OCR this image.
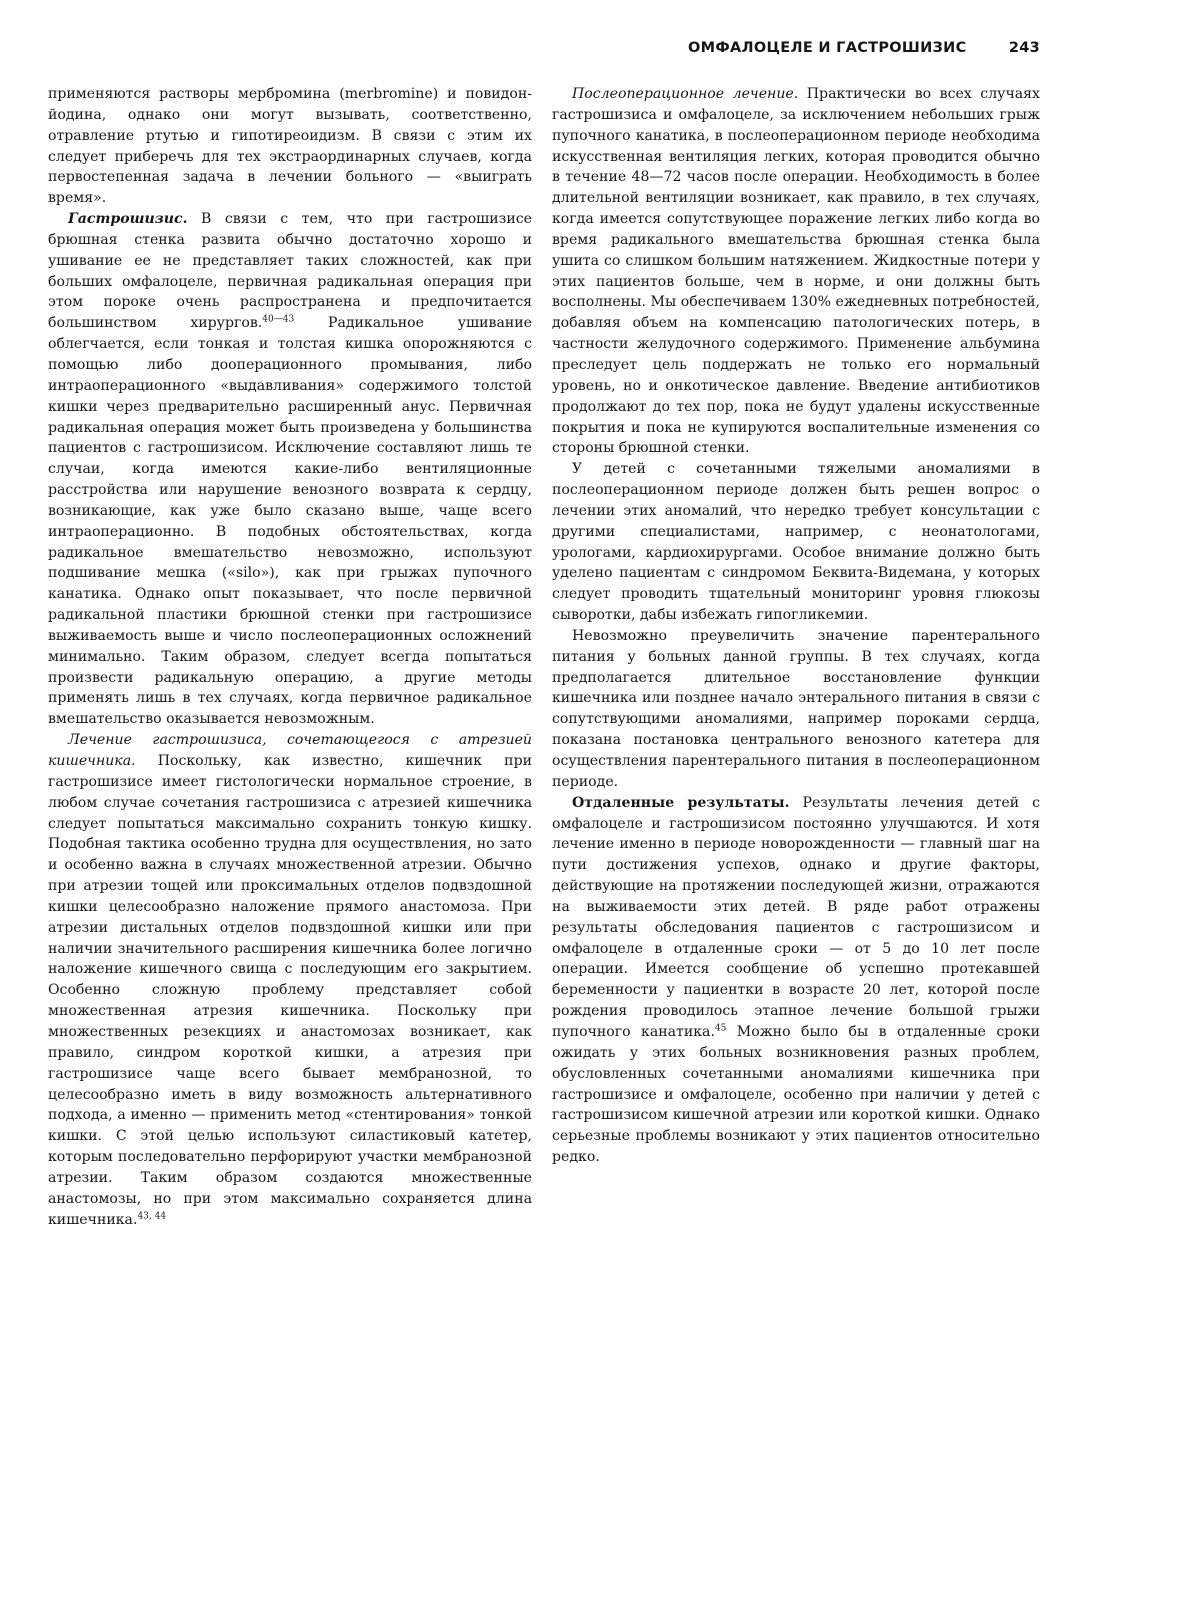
ОМФАЛОЦЕЛЕ И ГАСТРОШИЗИС	243

применяются растворы мербромина (merbromine) и повидон-йодина, однако они могут вызывать, соответственно, отравление ртутью и гипотиреоидизм. В связи с этим их следует приберечь для тех экстраординарных случаев, когда первостепенная задача в лечении больного — «выиграть время».

Гастрошизис. В связи с тем, что при гастрошизисе брюшная стенка развита обычно достаточно хорошо и ушивание ее не представляет таких сложностей, как при больших омфалоцеле, первичная радикальная операция при этом пороке очень распространена и предпочитается большинством хирургов.$^{40—43}$ Радикальное ушивание облегчается, если тонкая и толстая кишка опорожняются с помощью либо дооперационного промывания, либо интраоперационного «выдавливания» содержимого толстой кишки через предварительно расширенный анус. Первичная радикальная операция может быть произведена у большинства пациентов с гастрошизисом. Исключение составляют лишь те случаи, когда имеются какие-либо вентиляционные расстройства или нарушение венозного возврата к сердцу, возникающие, как уже было сказано выше, чаще всего интраоперационно. В подобных обстоятельствах, когда радикальное вмешательство невозможно, используют подшивание мешка («silo»), как при грыжах пупочного канатика. Однако опыт показывает, что после первичной радикальной пластики брюшной стенки при гастрошизисе выживаемость выше и число послеоперационных осложнений минимально. Таким образом, следует всегда попытаться произвести радикальную операцию, а другие методы применять лишь в тех случаях, когда первичное радикальное вмешательство оказывается невозможным.

Лечение гастрошизиса, сочетающегося с атрезией кишечника. Поскольку, как известно, кишечник при гастрошизисе имеет гистологически нормальное строение, в любом случае сочетания гастрошизиса с атрезией кишечника следует попытаться максимально сохранить тонкую кишку. Подобная тактика особенно трудна для осуществления, но зато и особенно важна в случаях множественной атрезии. Обычно при атрезии тощей или проксимальных отделов подвздошной кишки целесообразно наложение прямого анастомоза. При атрезии дистальных отделов подвздошной кишки или при наличии значительного расширения кишечника более логично наложение кишечного свища с последующим его закрытием. Особенно сложную проблему представляет собой множественная атрезия кишечника. Поскольку при множественных резекциях и анастомозах возникает, как правило, синдром короткой кишки, а атрезия при гастрошизисе чаще всего бывает мембранозной, то целесообразно иметь в виду возможность альтернативного подхода, а именно — применить метод «стентирования» тонкой кишки. С этой целью используют силастиковый катетер, которым последовательно перфорируют участки мембранозной атрезии. Таким образом создаются множественные анастомозы, но при этом максимально сохраняется длина кишечника.$^{43, 44}$

Послеоперационное лечение. Практически во всех случаях гастрошизиса и омфалоцеле, за исключением небольших грыж пупочного канатика, в послеоперационном периоде необходима искусственная вентиляция легких, которая проводится обычно в течение 48—72 часов после операции. Необходимость в более длительной вентиляции возникает, как правило, в тех случаях, когда имеется сопутствующее поражение легких либо когда во время радикального вмешательства брюшная стенка была ушита со слишком большим натяжением. Жидкостные потери у этих пациентов больше, чем в норме, и они должны быть восполнены. Мы обеспечиваем 130% ежедневных потребностей, добавляя объем на компенсацию патологических потерь, в частности желудочного содержимого. Применение альбумина преследует цель поддержать не только его нормальный уровень, но и онкотическое давление. Введение антибиотиков продолжают до тех пор, пока не будут удалены искусственные покрытия и пока не купируются воспалительные изменения со стороны брюшной стенки.

У детей с сочетанными тяжелыми аномалиями в послеоперационном периоде должен быть решен вопрос о лечении этих аномалий, что нередко требует консультации с другими специалистами, например, с неонатологами, урологами, кардиохирургами. Особое внимание должно быть уделено пациентам с синдромом Беквита-Видемана, у которых следует проводить тщательный мониторинг уровня глюкозы сыворотки, дабы избежать гипогликемии.

Невозможно преувеличить значение парентерального питания у больных данной группы. В тех случаях, когда предполагается длительное восстановление функции кишечника или позднее начало энтерального питания в связи с сопутствующими аномалиями, например пороками сердца, показана постановка центрального венозного катетера для осуществления парентерального питания в послеоперационном периоде.

Отдаленные результаты. Результаты лечения детей с омфалоцеле и гастрошизисом постоянно улучшаются. И хотя лечение именно в периоде новорожденности — главный шаг на пути достижения успехов, однако и другие факторы, действующие на протяжении последующей жизни, отражаются на выживаемости этих детей. В ряде работ отражены результаты обследования пациентов с гастрошизисом и омфалоцеле в отдаленные сроки — от 5 до 10 лет после операции. Имеется сообщение об успешно протекавшей беременности у пациентки в возрасте 20 лет, которой после рождения проводилось этапное лечение большой грыжи пупочного канатика.$^{45}$ Можно было бы в отдаленные сроки ожидать у этих больных возникновения разных проблем, обусловленных сочетанными аномалиями кишечника при гастрошизисе и омфалоцеле, особенно при наличии у детей с гастрошизисом кишечной атрезии или короткой кишки. Однако серьезные проблемы возникают у этих пациентов относительно редко.
